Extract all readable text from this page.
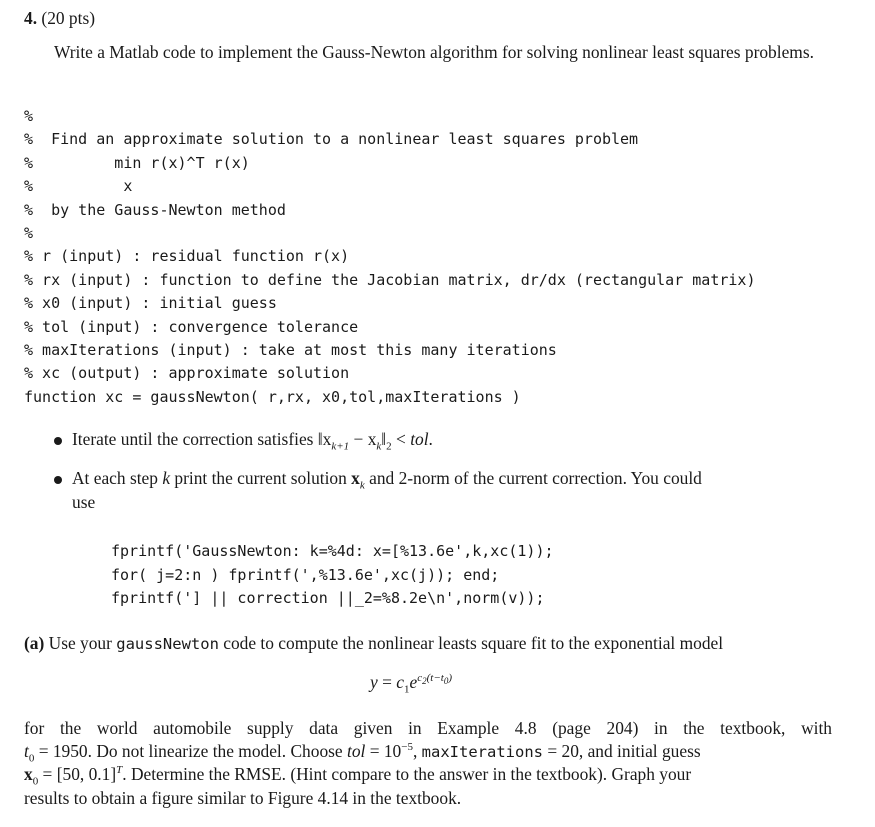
4. (20 pts)
Write a Matlab code to implement the Gauss-Newton algorithm for solving nonlinear least squares problems.
%
%  Find an approximate solution to a nonlinear least squares problem
%         min r(x)^T r(x)
%          x
%  by the Gauss-Newton method
%
% r (input) : residual function r(x)
% rx (input) : function to define the Jacobian matrix, dr/dx (rectangular matrix)
% x0 (input) : initial guess
% tol (input) : convergence tolerance
% maxIterations (input) : take at most this many iterations
% xc (output) : approximate solution
function xc = gaussNewton( r,rx, x0,tol,maxIterations )
Iterate until the correction satisfies $‖x_{k+1}$ − $x_k‖_2$ < tol.
At each step k print the current solution $x_k$ and 2-norm of the current correction. You could
use
fprintf('GaussNewton: k=%4d: x=[%13.6e',k,xc(1));
for( j=2:n ) fprintf(',%13.6e',xc(j)); end;
fprintf('] || correction ||_2=%8.2e\n',norm(v));
(a) Use your gaussNewton code to compute the nonlinear leasts square fit to the exponential model
$y = c_1e^{c_2(t-t_0)}$
for the world automobile supply data given in Example 4.8 (page 204) in the textbook, with
$t_0 = 1950$. Do not linearize the model. Choose tol = $10^{-5}$, maxIterations = 20, and initial guess
$x_0 = [50$, 0.1]$^T$. Determine the RMSE. (Hint compare to the answer in the textbook). Graph your
results to obtain a figure similar to Figure 4.14 in the textbook.
